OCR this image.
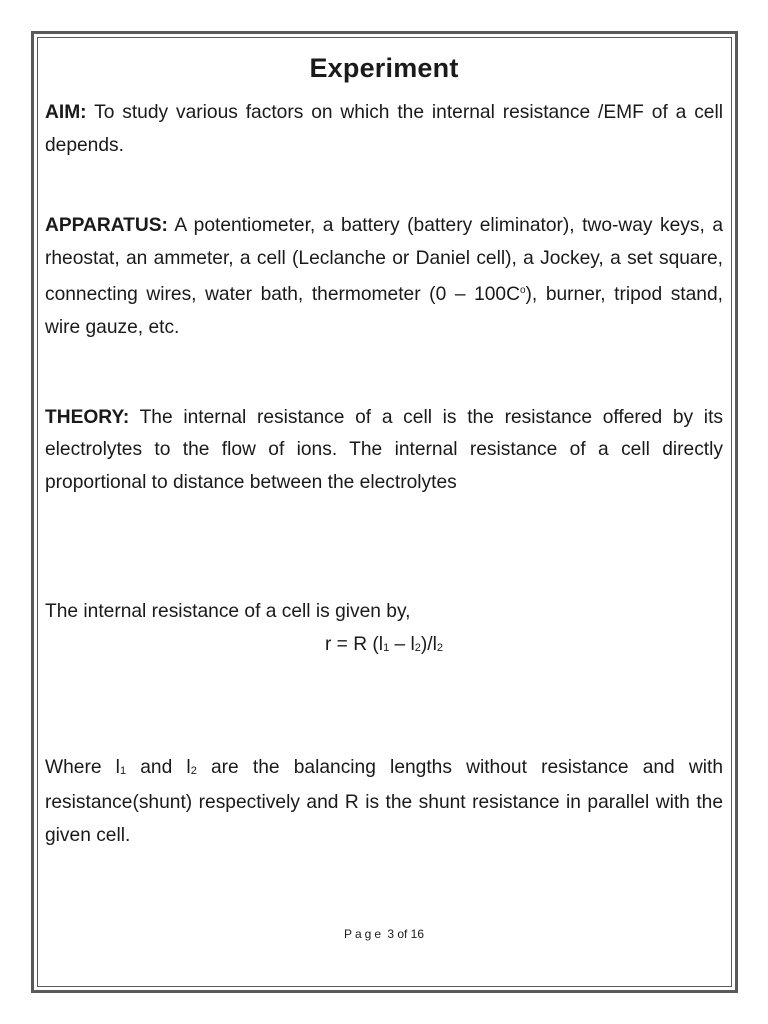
Experiment

AIM: To study various factors on which the internal resistance /EMF of a cell depends.

APPARATUS: A potentiometer, a battery (battery eliminator), two-way keys, a rheostat, an ammeter, a cell (Leclanche or Daniel cell), a Jockey, a set square, connecting wires, water bath, thermometer $(0 - 100C^o)$, burner, tripod stand, wire gauze, etc.

THEORY: The internal resistance of a cell is the resistance offered by its electrolytes to the flow of ions. The internal resistance of a cell directly proportional to distance between the electrolytes

The internal resistance of a cell is given by,

r = R (l1 – l2)/l2

Where l1 and l2 are the balancing lengths without resistance and with resistance(shunt) respectively and R is the shunt resistance in parallel with the given cell.

Page 3 of 16
